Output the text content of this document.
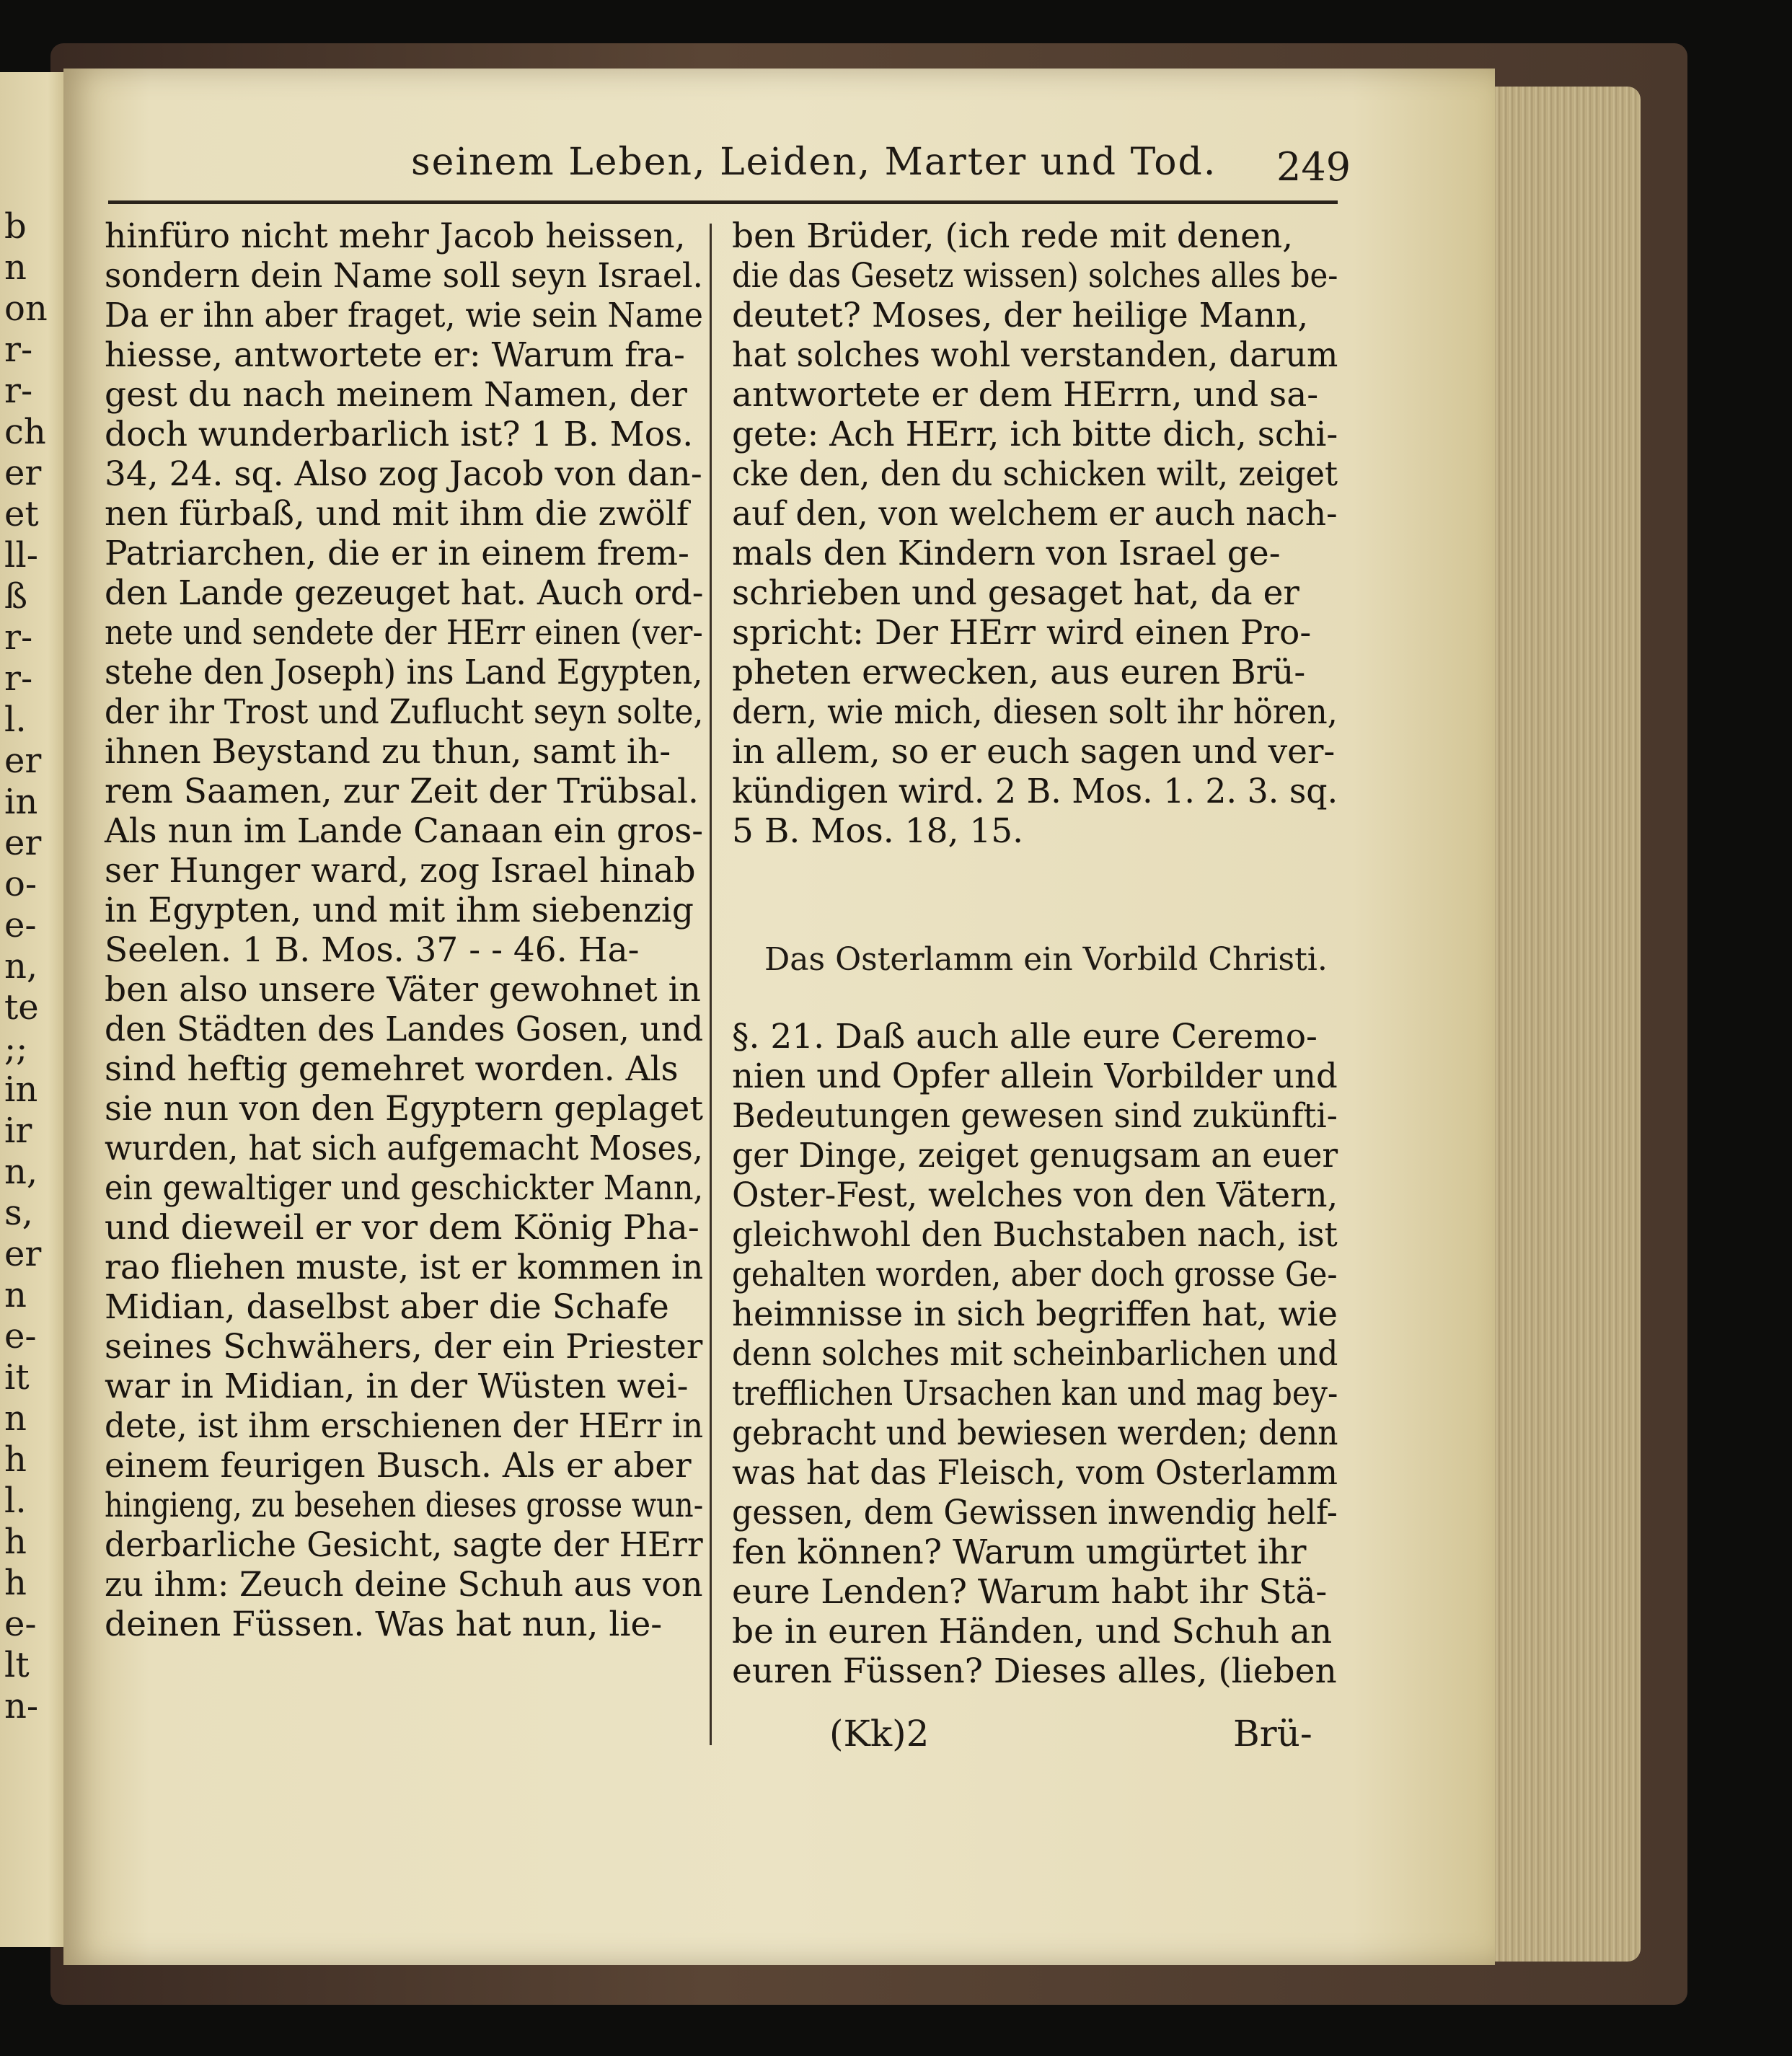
b
n
on
r-
r-
ch
er
et
ll-
ß
r-
r-
l.
er
in
er
o-
e-
n,
te
;;
in
ir
n,
s,
er
n
e-
it
n
h
l.
h
h
e-
lt
n-
seinem Leben, Leiden, Marter und Tod.	249
hinfüro nicht mehr Jacob heissen,
sondern dein Name soll seyn Israel.
Da er ihn aber fraget, wie sein Name
hiesse, antwortete er: Warum fra-
gest du nach meinem Namen, der
doch wunderbarlich ist? 1 B. Mos.
34, 24. sq. Also zog Jacob von dan-
nen fürbaß, und mit ihm die zwölf
Patriarchen, die er in einem frem-
den Lande gezeuget hat. Auch ord-
nete und sendete der HErr einen (ver-
stehe den Joseph) ins Land Egypten,
der ihr Trost und Zuflucht seyn solte,
ihnen Beystand zu thun, samt ih-
rem Saamen, zur Zeit der Trübsal.
Als nun im Lande Canaan ein gros-
ser Hunger ward, zog Israel hinab
in Egypten, und mit ihm siebenzig
Seelen. 1 B. Mos. 37 - - 46. Ha-
ben also unsere Väter gewohnet in
den Städten des Landes Gosen, und
sind heftig gemehret worden. Als
sie nun von den Egyptern geplaget
wurden, hat sich aufgemacht Moses,
ein gewaltiger und geschickter Mann,
und dieweil er vor dem König Pha-
rao fliehen muste, ist er kommen in
Midian, daselbst aber die Schafe
seines Schwähers, der ein Priester
war in Midian, in der Wüsten wei-
dete, ist ihm erschienen der HErr in
einem feurigen Busch. Als er aber
hingieng, zu besehen dieses grosse wun-
derbarliche Gesicht, sagte der HErr
zu ihm: Zeuch deine Schuh aus von
deinen Füssen. Was hat nun, lie-
ben Brüder, (ich rede mit denen,
die das Gesetz wissen) solches alles be-
deutet? Moses, der heilige Mann,
hat solches wohl verstanden, darum
antwortete er dem HErrn, und sa-
gete: Ach HErr, ich bitte dich, schi-
cke den, den du schicken wilt, zeiget
auf den, von welchem er auch nach-
mals den Kindern von Israel ge-
schrieben und gesaget hat, da er
spricht: Der HErr wird einen Pro-
pheten erwecken, aus euren Brü-
dern, wie mich, diesen solt ihr hören,
in allem, so er euch sagen und ver-
kündigen wird. 2 B. Mos. 1. 2. 3. sq.
5 B. Mos. 18, 15.
Das Osterlamm ein Vorbild Christi.
§. 21. Daß auch alle eure Ceremo-
nien und Opfer allein Vorbilder und
Bedeutungen gewesen sind zukünfti-
ger Dinge, zeiget genugsam an euer
Oster-Fest, welches von den Vätern,
gleichwohl den Buchstaben nach, ist
gehalten worden, aber doch grosse Ge-
heimnisse in sich begriffen hat, wie
denn solches mit scheinbarlichen und
trefflichen Ursachen kan und mag bey-
gebracht und bewiesen werden; denn
was hat das Fleisch, vom Osterlamm
gessen, dem Gewissen inwendig helf-
fen können? Warum umgürtet ihr
eure Lenden? Warum habt ihr Stä-
be in euren Händen, und Schuh an
euren Füssen? Dieses alles, (lieben
(Kk)2	Brü-
